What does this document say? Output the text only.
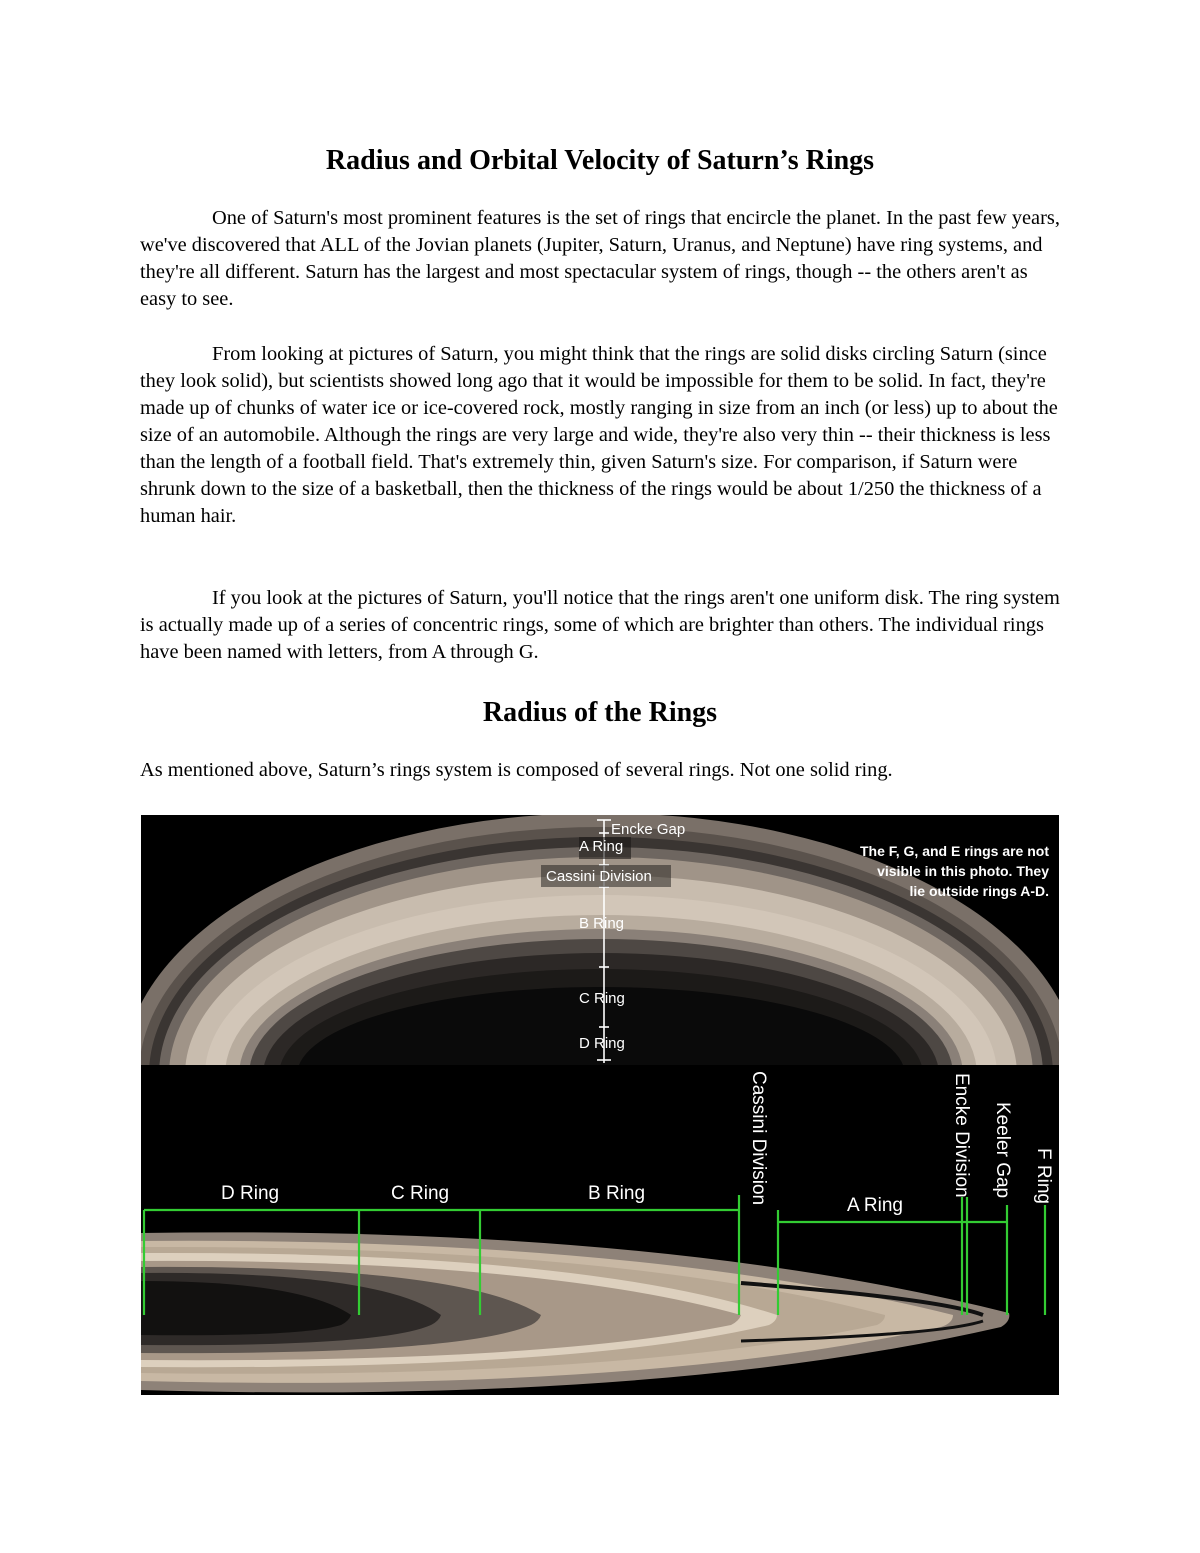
Radius and Orbital Velocity of Saturn’s Rings

One of Saturn's most prominent features is the set of rings that encircle the planet. In the past few years, we've discovered that ALL of the Jovian planets (Jupiter, Saturn, Uranus, and Neptune) have ring systems, and they're all different. Saturn has the largest and most spectacular system of rings, though -- the others aren't as easy to see.

From looking at pictures of Saturn, you might think that the rings are solid disks circling Saturn (since they look solid), but scientists showed long ago that it would be impossible for them to be solid. In fact, they're made up of chunks of water ice or ice-covered rock, mostly ranging in size from an inch (or less) up to about the size of an automobile. Although the rings are very large and wide, they're also very thin -- their thickness is less than the length of a football field. That's extremely thin, given Saturn's size. For comparison, if Saturn were shrunk down to the size of a basketball, then the thickness of the rings would be about 1/250 the thickness of a human hair.

If you look at the pictures of Saturn, you'll notice that the rings aren't one uniform disk. The ring system is actually made up of a series of concentric rings, some of which are brighter than others. The individual rings have been named with letters, from A through G.

Radius of the Rings

As mentioned above, Saturn’s rings system is composed of several rings. Not one solid ring.

Encke Gap
A Ring
Cassini Division
B Ring
C Ring
D Ring
The F, G, and E rings are not
visible in this photo. They
lie outside rings A-D.
D Ring	C Ring	B Ring
A Ring
Cassini Division	Encke Division Keeler Gap F Ring
